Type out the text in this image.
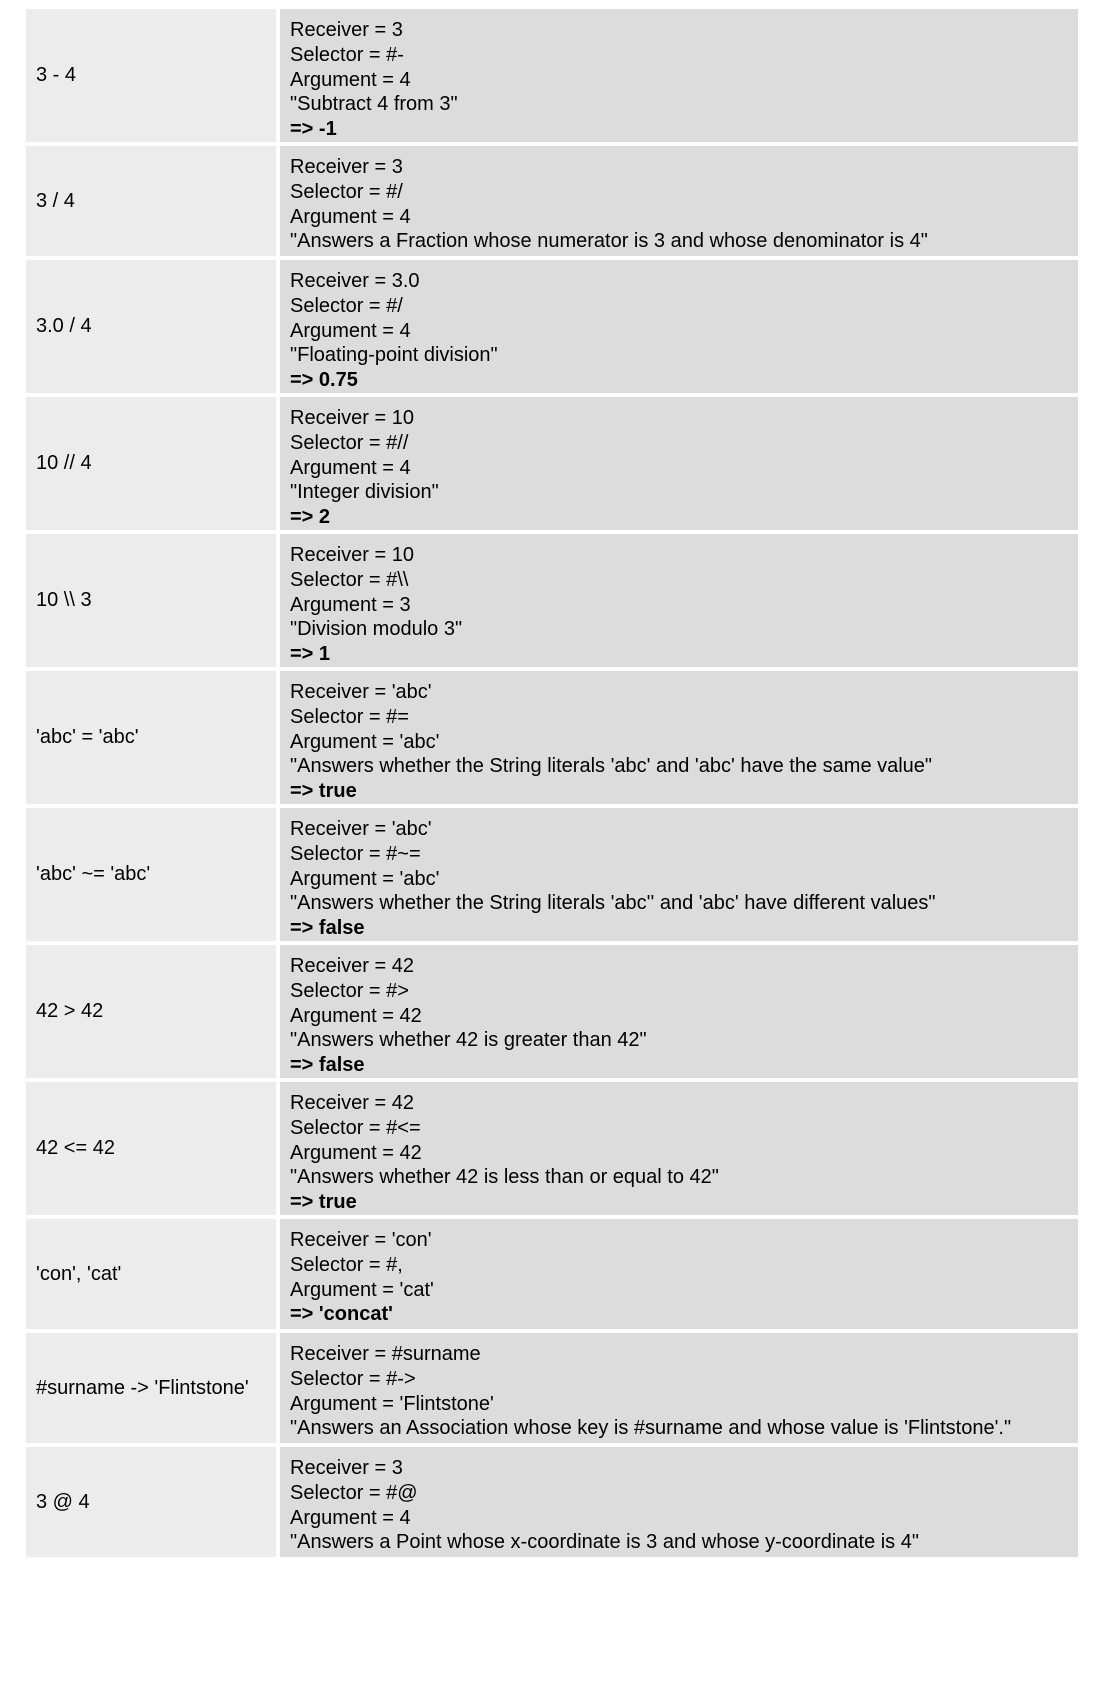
3 - 4
Receiver = 3
Selector = #-
Argument = 4
"Subtract 4 from 3"
=> -1
3 / 4
Receiver = 3
Selector = #/
Argument = 4
"Answers a Fraction whose numerator is 3 and whose denominator is 4"
3.0 / 4
Receiver = 3.0
Selector = #/
Argument = 4
"Floating-point division"
=> 0.75
10 // 4
Receiver = 10
Selector = #//
Argument = 4
"Integer division"
=> 2
10 \\ 3
Receiver = 10
Selector = #\\
Argument = 3
"Division modulo 3"
=> 1
'abc' = 'abc'
Receiver = 'abc'
Selector = #=
Argument = 'abc'
"Answers whether the String literals 'abc' and 'abc' have the same value"
=> true
'abc' ~= 'abc'
Receiver = 'abc'
Selector = #~=
Argument = 'abc'
"Answers whether the String literals 'abc'' and 'abc' have different values"
=> false
42 > 42
Receiver = 42
Selector = #>
Argument = 42
"Answers whether 42 is greater than 42"
=> false
42 <= 42
Receiver = 42
Selector = #<=
Argument = 42
"Answers whether 42 is less than or equal to 42"
=> true
'con', 'cat'
Receiver = 'con'
Selector = #,
Argument = 'cat'
=> 'concat'
#surname -> 'Flintstone'
Receiver = #surname
Selector = #->
Argument = 'Flintstone'
"Answers an Association whose key is #surname and whose value is 'Flintstone'."
3 @ 4
Receiver = 3
Selector = #@
Argument = 4
"Answers a Point whose x-coordinate is 3 and whose y-coordinate is 4"
